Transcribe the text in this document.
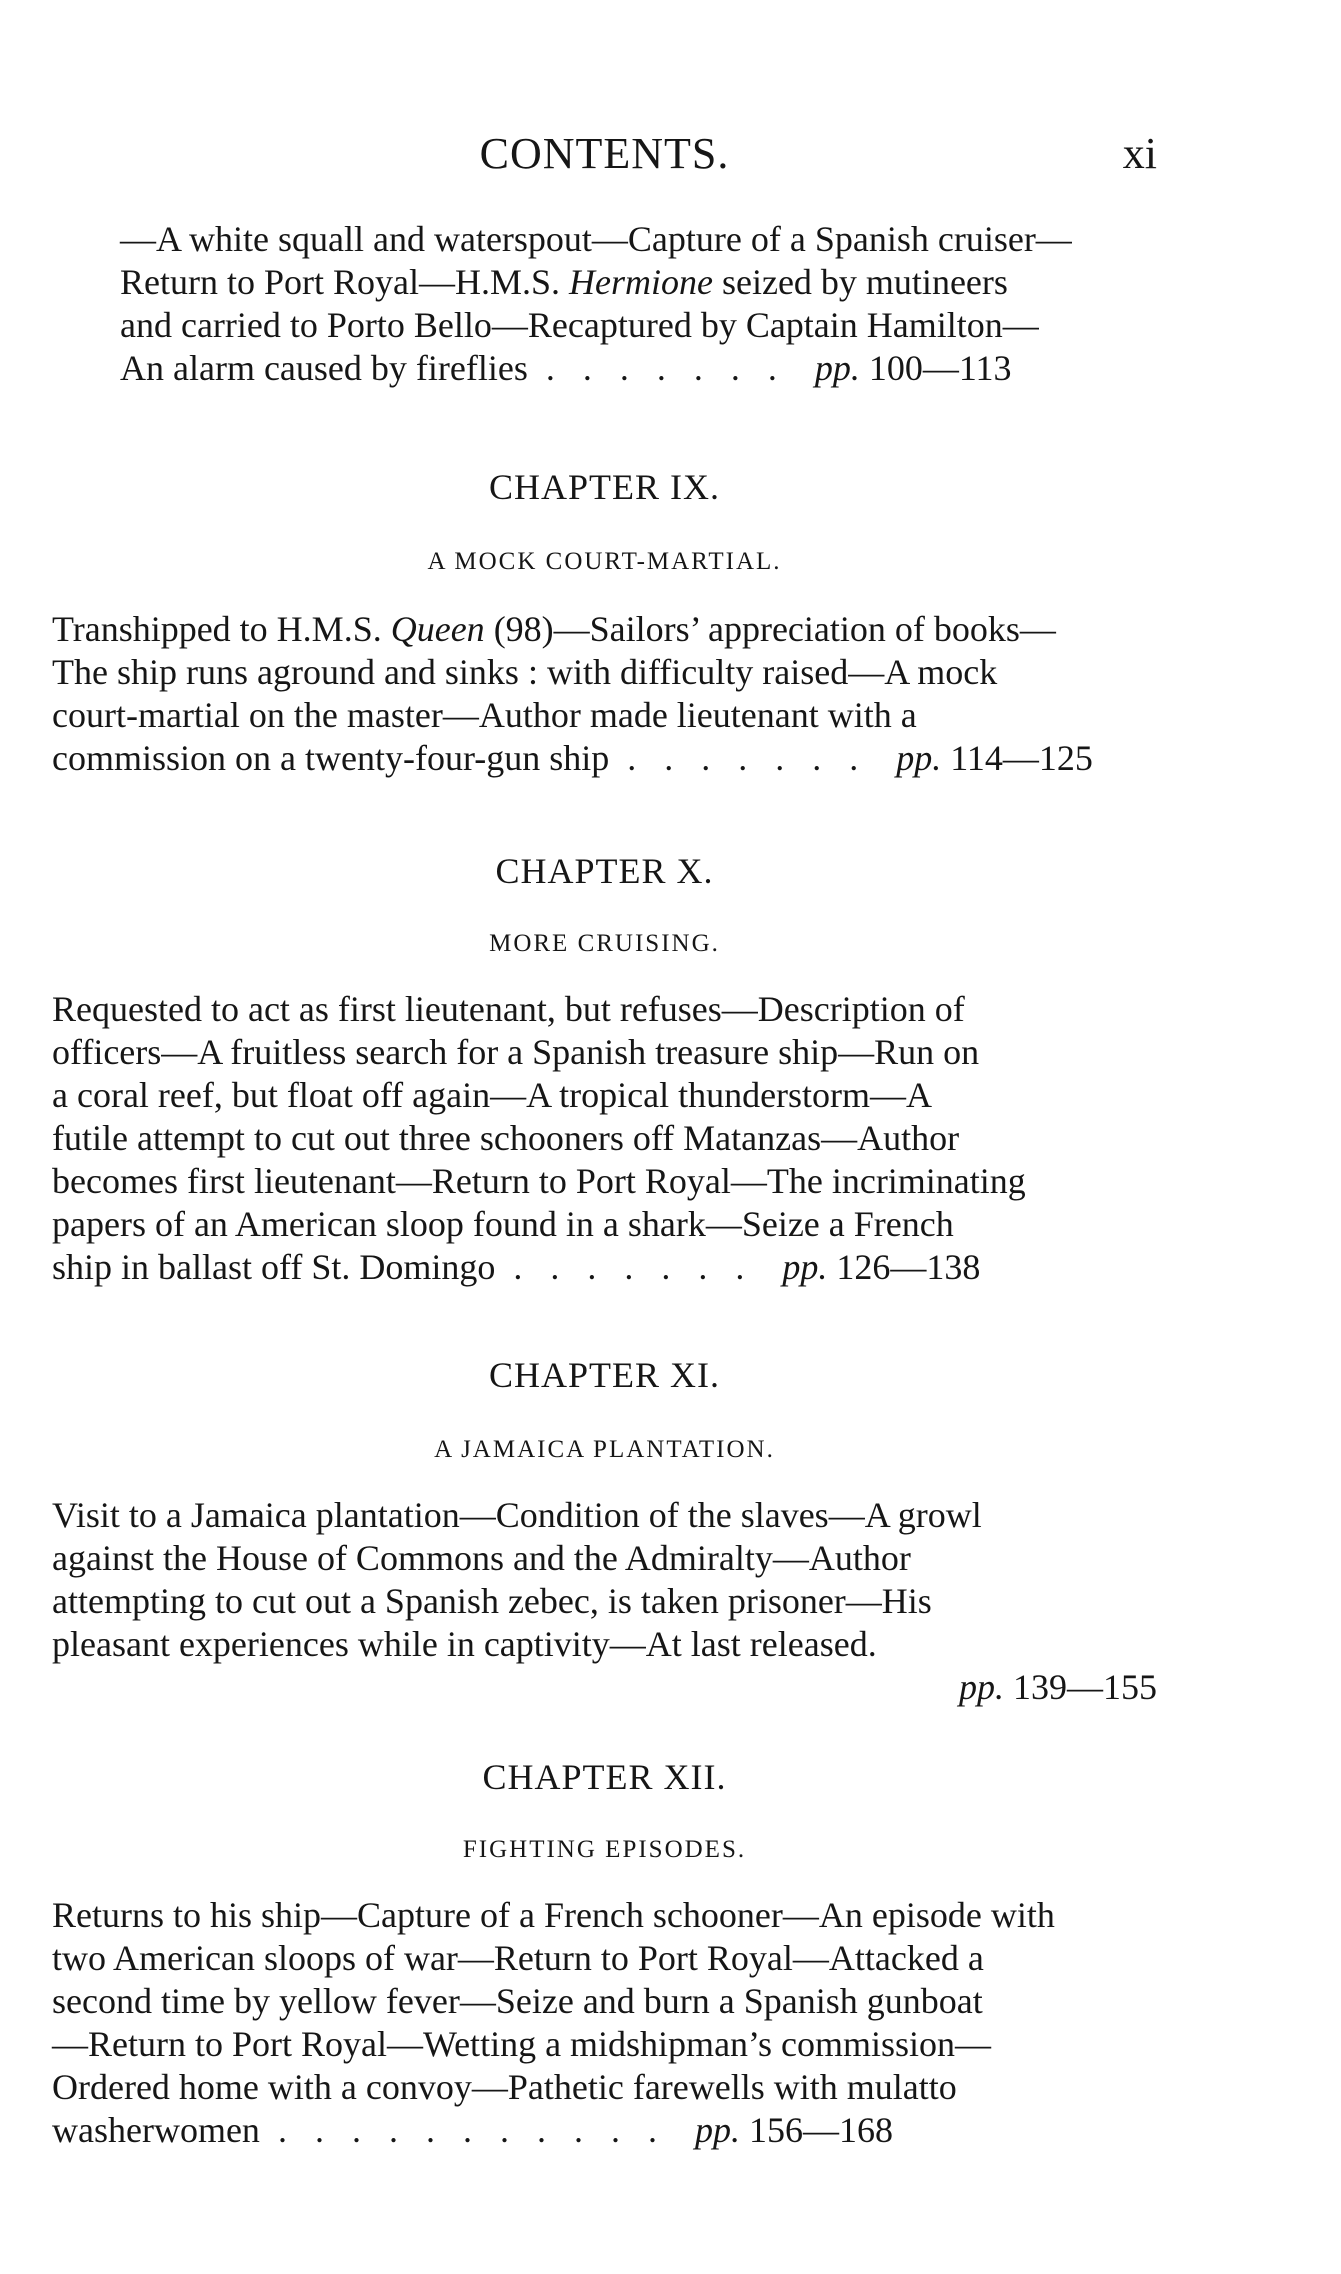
CONTENTS.	xi
—A white squall and waterspout—Capture of a Spanish cruiser—
Return to Port Royal—H.M.S. Hermione seized by mutineers
and carried to Porto Bello—Recaptured by Captain Hamilton—
An alarm caused by fireflies ....... pp. 100—113
CHAPTER IX.
A MOCK COURT-MARTIAL.
Transhipped to H.M.S. Queen (98)—Sailors’ appreciation of books—
The ship runs aground and sinks : with difficulty raised—A mock
court-martial on the master—Author made lieutenant with a
commission on a twenty-four-gun ship ....... pp. 114—125
CHAPTER X.
MORE CRUISING.
Requested to act as first lieutenant, but refuses—Description of
officers—A fruitless search for a Spanish treasure ship—Run on
a coral reef, but float off again—A tropical thunderstorm—A
futile attempt to cut out three schooners off Matanzas—Author
becomes first lieutenant—Return to Port Royal—The incriminating
papers of an American sloop found in a shark—Seize a French
ship in ballast off St. Domingo ....... pp. 126—138
CHAPTER XI.
A JAMAICA PLANTATION.
Visit to a Jamaica plantation—Condition of the slaves—A growl
against the House of Commons and the Admiralty—Author
attempting to cut out a Spanish zebec, is taken prisoner—His
pleasant experiences while in captivity—At last released.
pp. 139—155
CHAPTER XII.
FIGHTING EPISODES.
Returns to his ship—Capture of a French schooner—An episode with
two American sloops of war—Return to Port Royal—Attacked a
second time by yellow fever—Seize and burn a Spanish gunboat
—Return to Port Royal—Wetting a midshipman’s commission—
Ordered home with a convoy—Pathetic farewells with mulatto
washerwomen ........... pp. 156—168
